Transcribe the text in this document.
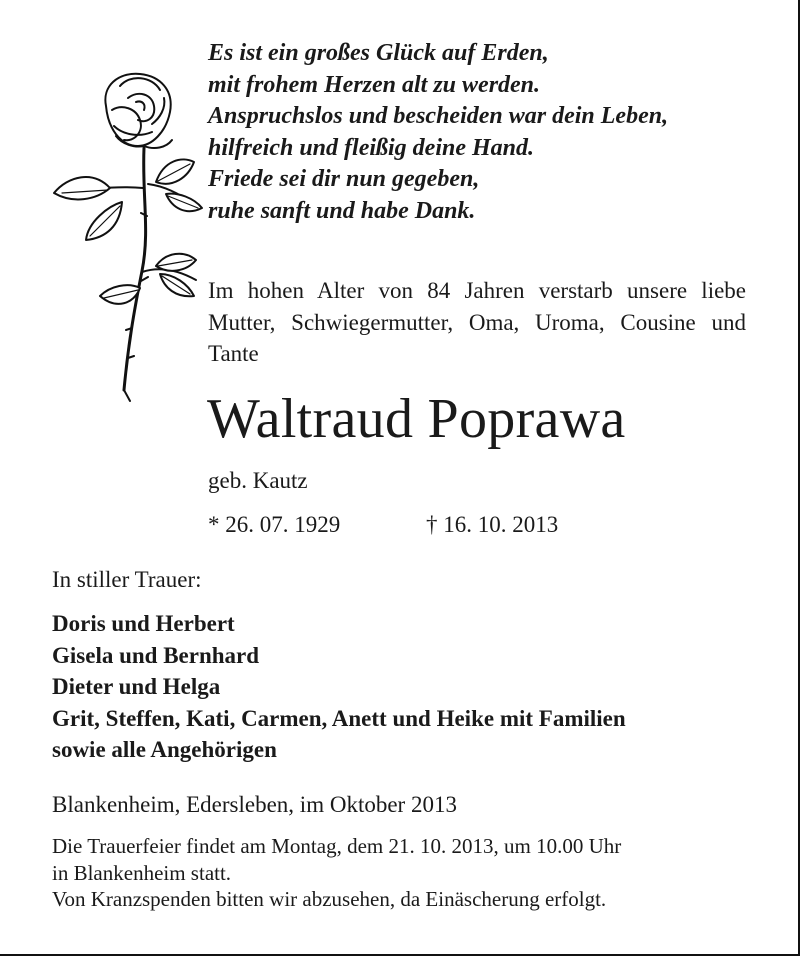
Es ist ein großes Glück auf Erden,
mit frohem Herzen alt zu werden.
Anspruchslos und bescheiden war dein Leben,
hilfreich und fleißig deine Hand.
Friede sei dir nun gegeben,
ruhe sanft und habe Dank.

Im hohen Alter von 84 Jahren verstarb unsere liebe Mutter, Schwiegermutter, Oma, Uroma, Cousine und Tante

Waltraud Poprawa
geb. Kautz
* 26. 07. 1929	† 16. 10. 2013
In stiller Trauer:
Doris und Herbert
Gisela und Bernhard
Dieter und Helga
Grit, Steffen, Kati, Carmen, Anett und Heike mit Familien
sowie alle Angehörigen
Blankenheim, Edersleben, im Oktober 2013
Die Trauerfeier findet am Montag, dem 21. 10. 2013, um 10.00 Uhr
in Blankenheim statt.
Von Kranzspenden bitten wir abzusehen, da Einäscherung erfolgt.
